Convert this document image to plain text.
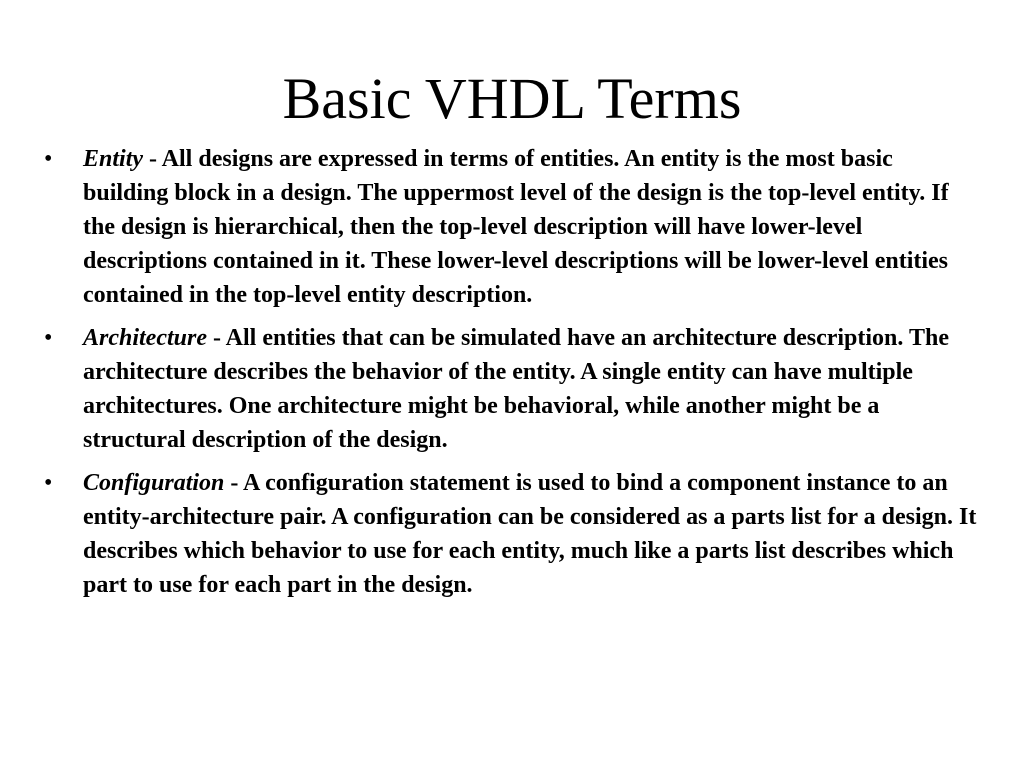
Basic VHDL Terms
• Entity - All designs are expressed in terms of entities. An entity is the most basic building block in a design. The uppermost level of the design is the top-level entity. If the design is hierarchical, then the top-level description will have lower-level descriptions contained in it. These lower-level descriptions will be lower-level entities contained in the top-level entity description.
• Architecture - All entities that can be simulated have an architecture description. The architecture describes the behavior of the entity. A single entity can have multiple architectures. One architecture might be behavioral, while another might be a structural description of the design.
• Configuration - A configuration statement is used to bind a component instance to an entity-architecture pair. A configuration can be considered as a parts list for a design. It describes which behavior to use for each entity, much like a parts list describes which part to use for each part in the design.
